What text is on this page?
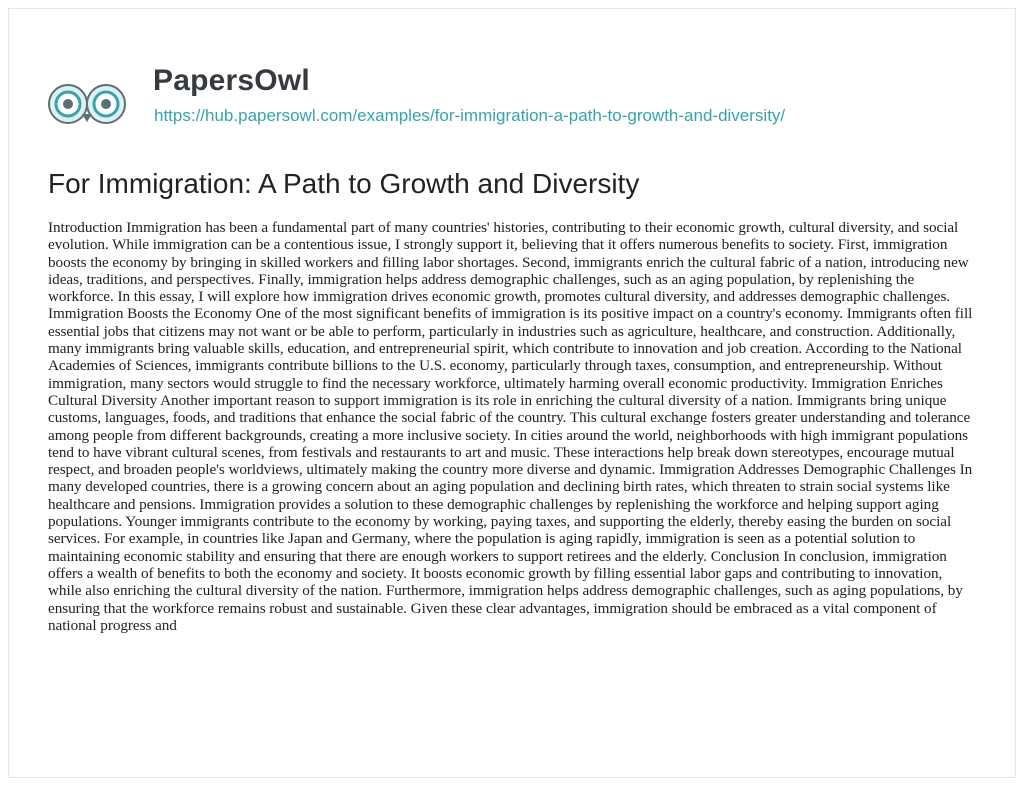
PapersOwl
https://hub.papersowl.com/examples/for-immigration-a-path-to-growth-and-diversity/
For Immigration: A Path to Growth and Diversity

Introduction Immigration has been a fundamental part of many countries' histories, contributing to their economic growth, cultural diversity, and social evolution. While immigration can be a contentious issue, I strongly support it, believing that it offers numerous benefits to society. First, immigration boosts the economy by bringing in skilled workers and filling labor shortages. Second, immigrants enrich the cultural fabric of a nation, introducing new ideas, traditions, and perspectives. Finally, immigration helps address demographic challenges, such as an aging population, by replenishing the workforce. In this essay, I will explore how immigration drives economic growth, promotes cultural diversity, and addresses demographic challenges. Immigration Boosts the Economy One of the most significant benefits of immigration is its positive impact on a country's economy. Immigrants often fill essential jobs that citizens may not want or be able to perform, particularly in industries such as agriculture, healthcare, and construction. Additionally, many immigrants bring valuable skills, education, and entrepreneurial spirit, which contribute to innovation and job creation. According to the National Academies of Sciences, immigrants contribute billions to the U.S. economy, particularly through taxes, consumption, and entrepreneurship. Without immigration, many sectors would struggle to find the necessary workforce, ultimately harming overall economic productivity. Immigration Enriches Cultural Diversity Another important reason to support immigration is its role in enriching the cultural diversity of a nation. Immigrants bring unique customs, languages, foods, and traditions that enhance the social fabric of the country. This cultural exchange fosters greater understanding and tolerance among people from different backgrounds, creating a more inclusive society. In cities around the world, neighborhoods with high immigrant populations tend to have vibrant cultural scenes, from festivals and restaurants to art and music. These interactions help break down stereotypes, encourage mutual respect, and broaden people's worldviews, ultimately making the country more diverse and dynamic. Immigration Addresses Demographic Challenges In many developed countries, there is a growing concern about an aging population and declining birth rates, which threaten to strain social systems like healthcare and pensions. Immigration provides a solution to these demographic challenges by replenishing the workforce and helping support aging populations. Younger immigrants contribute to the economy by working, paying taxes, and supporting the elderly, thereby easing the burden on social services. For example, in countries like Japan and Germany, where the population is aging rapidly, immigration is seen as a potential solution to maintaining economic stability and ensuring that there are enough workers to support retirees and the elderly. Conclusion In conclusion, immigration offers a wealth of benefits to both the economy and society. It boosts economic growth by filling essential labor gaps and contributing to innovation, while also enriching the cultural diversity of the nation. Furthermore, immigration helps address demographic challenges, such as aging populations, by ensuring that the workforce remains robust and sustainable. Given these clear advantages, immigration should be embraced as a vital component of national progress and
